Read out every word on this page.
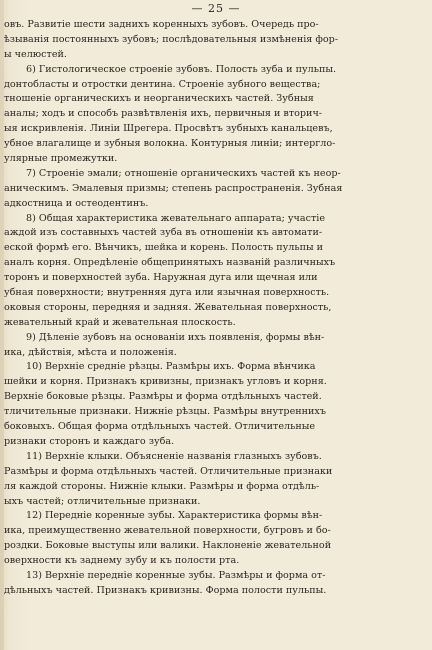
— 25 —
овъ. Развитіе шести заднихъ коренныхъ зубовъ. Очередь про-
ѣзыванія постоянныхъ зубовъ; послѣдовательныя измѣненія фор-
ы челюстей.
6) Гистологическое строеніе зубовъ. Полость зуба и пульпы.
донтобласты и отростки дентина. Строеніе зубного вещества;
тношеніе органическихъ и неорганическихъ частей. Зубныя
аналы; ходъ и способъ развѣтвленія ихъ, первичныя и вторич-
ыя искривленія. Линіи Шрегера. Просвѣтъ зубныхъ канальцевъ,
убное влагалище и зубныя волокна. Контурныя линіи; интерглo-
улярные промежутки.
7) Строеніе эмали; отношеніе органическихъ частей къ неор-
аническимъ. Эмалевыя призмы; степень распространенія. Зубная
адкостница и остеодентинъ.
8) Общая характеристика жевательнаго аппарата; участіе
аждой изъ составныхъ частей зуба въ отношеніи къ автомати-
еской формѣ его. Вѣнчикъ, шейка и корень. Полость пульпы и
аналъ корня. Опредѣленіе общепринятыхъ названій различныхъ
торонъ и поверхностей зуба. Наружная дуга или щечная или
убная поверхности; внутренняя дуга или язычная поверхность.
оковыя стороны, передняя и задняя. Жевательная поверхность,
жевательный край и жевательная плоскость.
9) Дѣленіе зубовъ на основаніи ихъ появленія, формы вѣн-
ика, дѣйствія, мѣста и положенія.
10) Верхніе средніе рѣзцы. Размѣры ихъ. Форма вѣнчика
шейки и корня. Признакъ кривизны, признакъ угловъ и корня.
Верхніе боковые рѣзцы. Размѣры и форма отдѣльныхъ частей.
тличительные признаки. Нижніе рѣзцы. Размѣры внутреннихъ
боковыхъ. Общая форма отдѣльныхъ частей. Отличительные
ризнаки сторонъ и каждаго зуба.
11) Верхніе клыки. Объясненіе названія глазныхъ зубовъ.
Размѣры и форма отдѣльныхъ частей. Отличительные признаки
ля каждой стороны. Нижніе клыки. Размѣры и форма отдѣль-
ыхъ частей; отличительные признаки.
12) Передніе коренные зубы. Характеристика формы вѣн-
ика, преимущественно жевательной поверхности, бугровъ и бо-
роздки. Боковые выступы или валики. Наклоненіе жевательной
оверхности къ заднему зубу и къ полости рта.
13) Верхніе передніе коренные зубы. Размѣры и форма от-
дѣльныхъ частей. Признакъ кривизны. Форма полости пульпы.
